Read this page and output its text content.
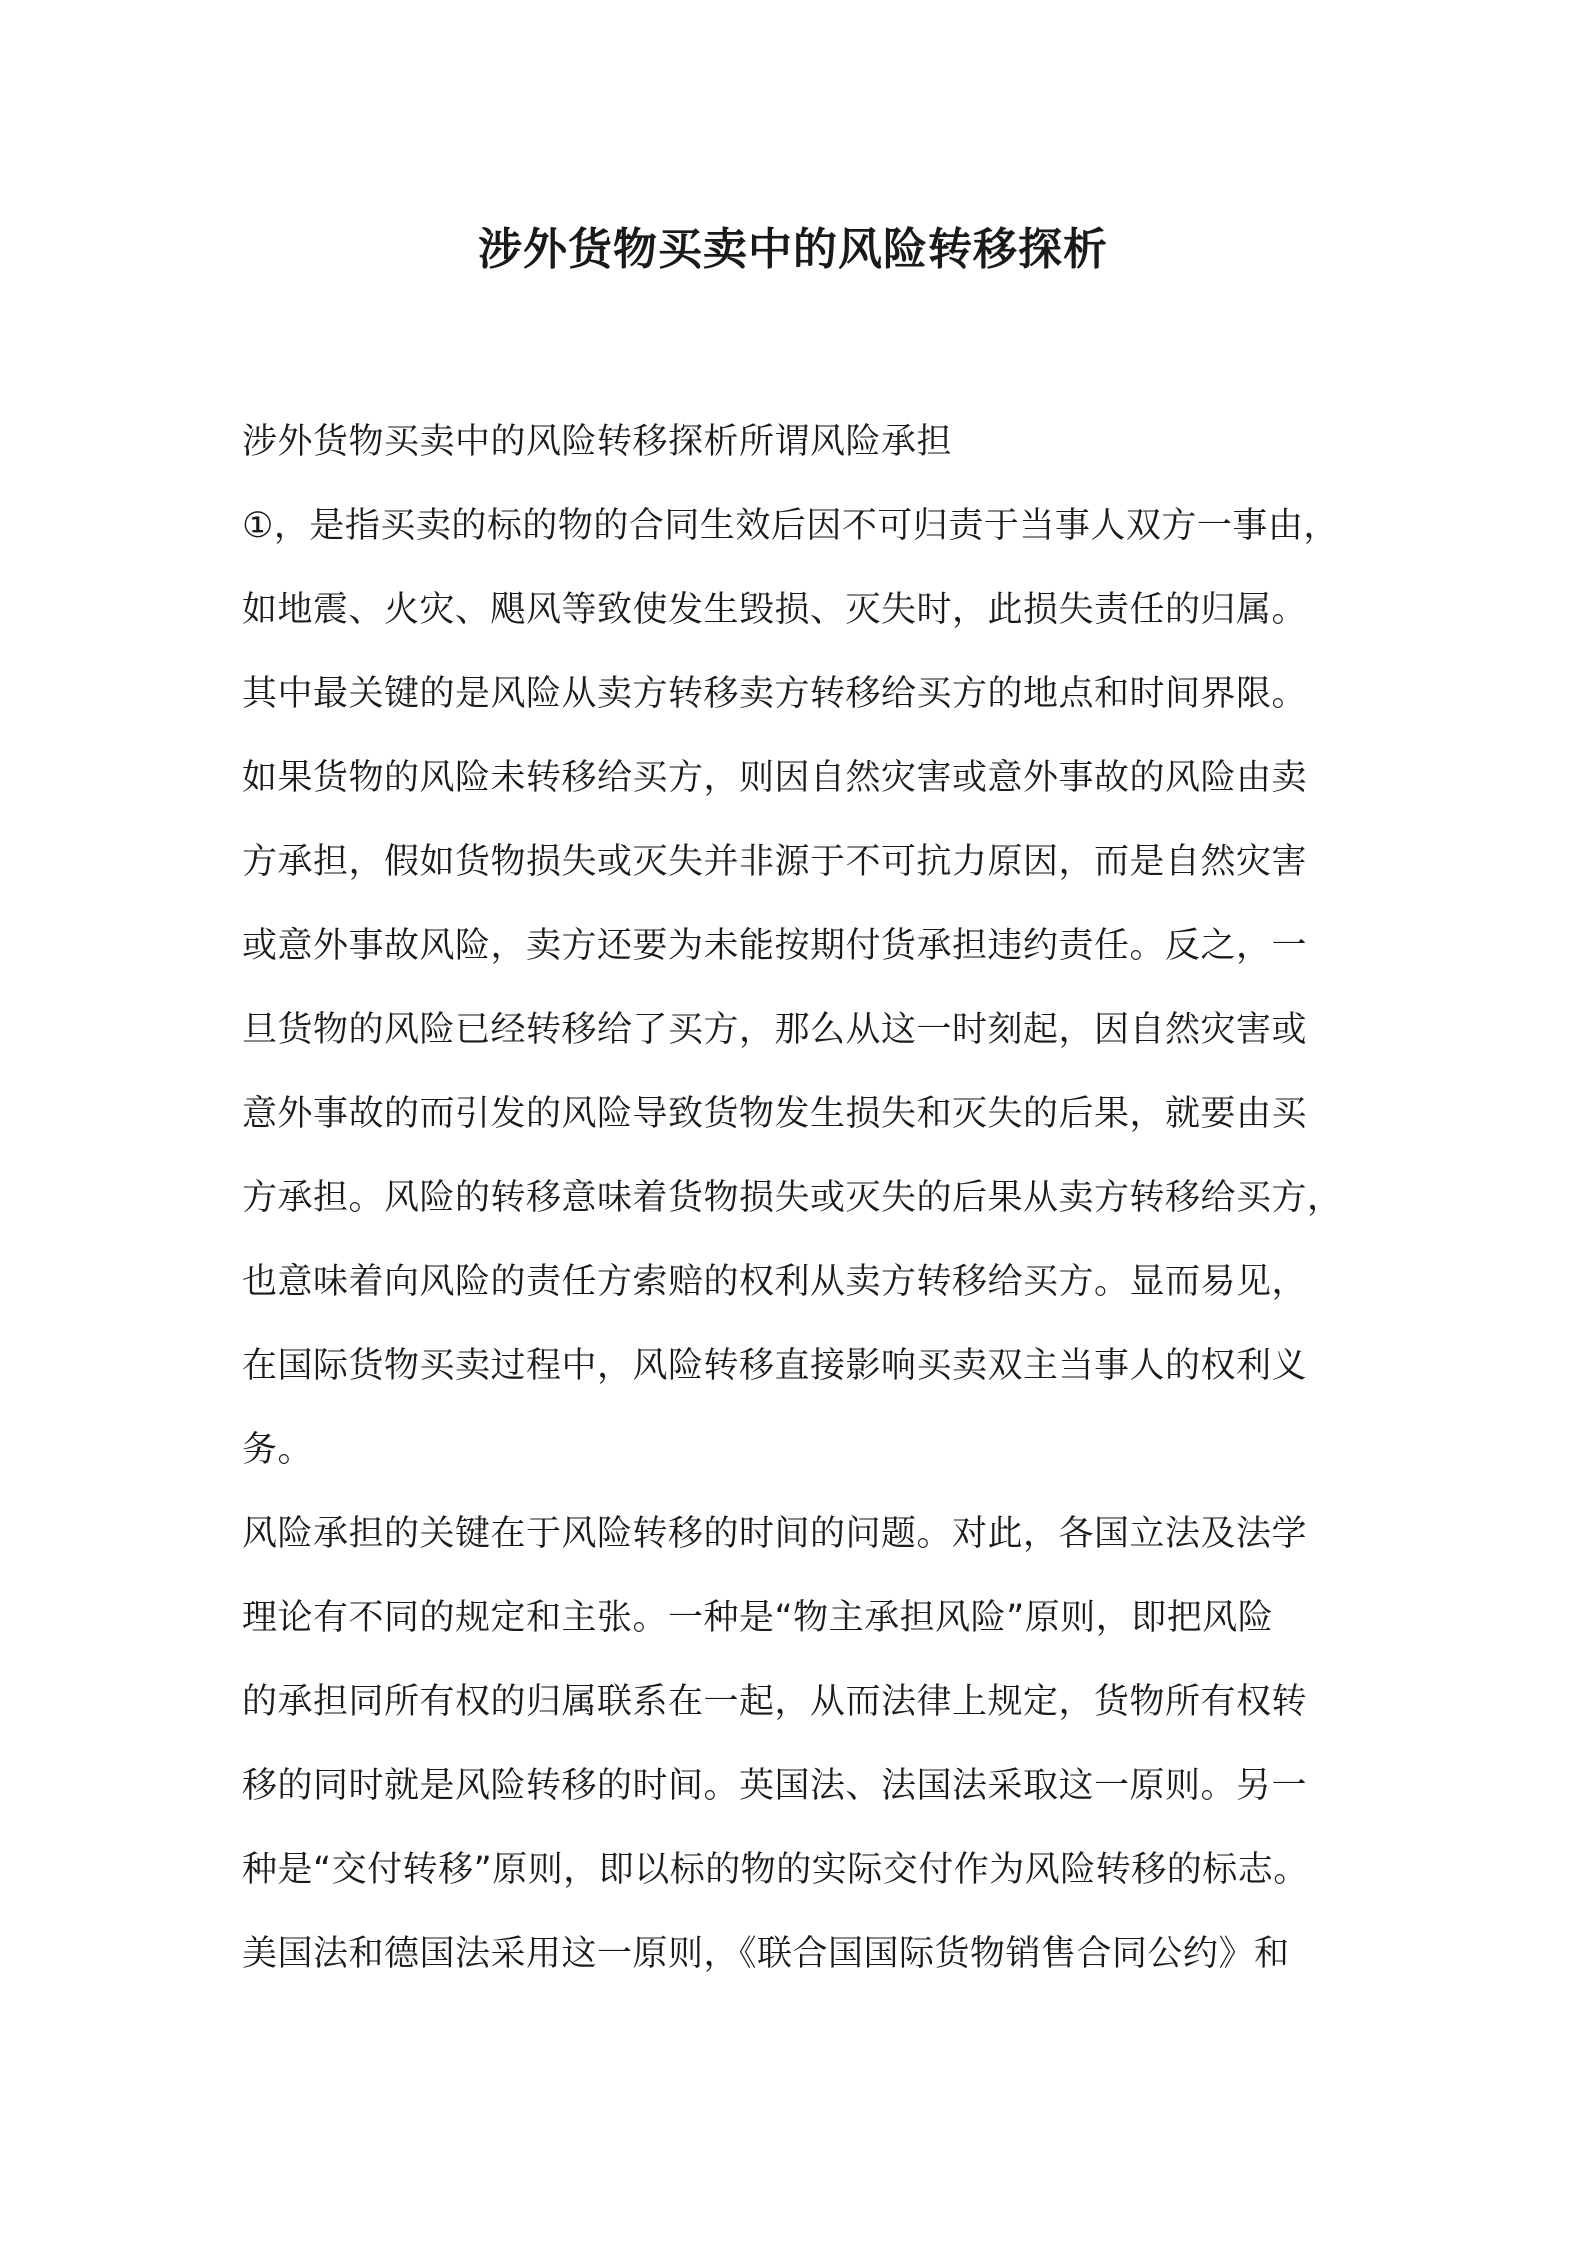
涉外货物买卖中的风险转移探析
涉外货物买卖中的风险转移探析所谓风险承担
①，是指买卖的标的物的合同生效后因不可归责于当事人双方一事由，
如地震、火灾、飓风等致使发生毁损、灭失时，此损失责任的归属。
其中最关键的是风险从卖方转移卖方转移给买方的地点和时间界限。
如果货物的风险未转移给买方，则因自然灾害或意外事故的风险由卖
方承担，假如货物损失或灭失并非源于不可抗力原因，而是自然灾害
或意外事故风险，卖方还要为未能按期付货承担违约责任。反之，一
旦货物的风险已经转移给了买方，那么从这一时刻起，因自然灾害或
意外事故的而引发的风险导致货物发生损失和灭失的后果，就要由买
方承担。风险的转移意味着货物损失或灭失的后果从卖方转移给买方，
也意味着向风险的责任方索赔的权利从卖方转移给买方。显而易见，
在国际货物买卖过程中，风险转移直接影响买卖双主当事人的权利义
务。
风险承担的关键在于风险转移的时间的问题。对此，各国立法及法学
理论有不同的规定和主张。一种是“物主承担风险”原则，即把风险
的承担同所有权的归属联系在一起，从而法律上规定，货物所有权转
移的同时就是风险转移的时间。英国法、法国法采取这一原则。另一
种是“交付转移”原则，即以标的物的实际交付作为风险转移的标志。
美国法和德国法采用这一原则，《联合国国际货物销售合同公约》和
